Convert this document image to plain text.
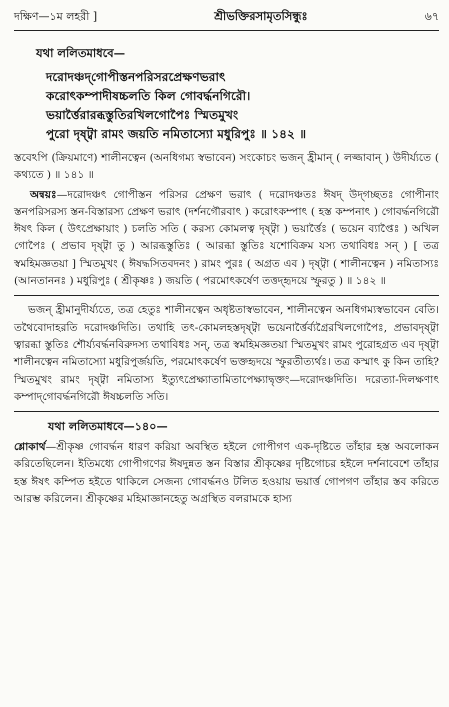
দক্ষিণ—১ম লহরী ]	শ্রীভক্তিরসামৃতসিন্ধুঃ	৬৭
যথা ললিতমাধবে—
দরোদঞ্চদ্‌গোপীস্তনপরিসরপ্রেক্ষণভরাৎ
করোৎকম্পাদীষচ্চলতি কিল গোবর্দ্ধনগিরৌ।
ভয়ার্ত্তৈরারব্ধস্তুতিরখিলগোপৈঃ স্মিতমুখং
পুরো দৃষ্ট্বা রামং জয়তি নমিতাস্যো মধুরিপুঃ ॥ ১৪২ ॥

স্তবেঽপি (ক্রিয়মাণে) শালীনত্বেন (অনধিগম্য স্বভাবেন) সংকোচং ভজন্ হ্রীমান্ ( লজ্জাবান্ ) উদীর্য্যতে ( কথ্যতে ) ॥ ১৪১ ॥

অন্বয়ঃ—দরোদঞ্চৎ গোপীস্তন পরিসর প্রেক্ষণ ভরাৎ ( দরোদঞ্চতঃ ঈষদ্ উদ্‌গচ্ছতঃ গোপীনাং স্তনপরিসরস্য স্তন-বিস্তারস্য প্রেক্ষণ ভরাৎ (দর্শনগৌরবাৎ ) করোৎকম্পাৎ ( হস্ত কম্পনাৎ ) গোবর্দ্ধনগিরৌ ঈষৎ কিল ( উৎপ্রেক্ষায়াং ) চলতি সতি ( করস্য কোমলত্ব দৃষ্ট্বা ) ভয়ার্ত্তৈঃ ( ভয়েন ব্যাপ্তৈঃ ) অখিল গোপৈঃ ( প্রভাব দৃষ্ট্বা তু ) আরব্ধস্তুতিঃ ( আরব্ধা স্তুতিঃ যশোবিক্রম যস্য তথাবিধঃ সন্ ) [ তত্র স্বমহিমজ্ঞতয়া ] স্মিতমুখং ( ঈষদ্ধসিতবদনং ) রামং পুরঃ ( অগ্রত এব ) দৃষ্ট্বা ( শালীনত্বেন ) নমিতাস্যঃ (আনতাননঃ ) মধুরিপুঃ ( শ্রীকৃষ্ণঃ ) জয়তি ( পরমোৎকর্ষেণ তত্তদ্‌হৃদয়ে স্ফুরতু ) ॥ ১৪২ ॥

ভজন্ হ্রীমানুদীর্য্যতে, তত্র হেতুঃ শালীনত্বেন অধৃষ্টতাস্বভাবেন, শালীনত্বেন অনধিগম্যস্বভাবেন বেতি। তথৈবোদাহরতি দরোদঞ্চদিতি। তথাহি তৎ-কোমলহস্তদৃষ্ট্বা ভয়েনার্ত্তৈর্ব্যগ্রৈরখিলগোপৈঃ, প্রভাবদৃষ্ট্বা ত্বারব্ধা স্তুতিঃ শৌর্য্যবর্দ্ধনবিরুদস্য তথাবিধঃ সন্, তত্র স্বমহিমজ্ঞতয়া স্মিতমুখং রামং পুরোহগ্রত এব দৃষ্ট্বা শালীনত্বেন নমিতাস্যো মধুরিপুর্জয়তি, পরমোৎকর্ষেণ ভক্তহৃদয়ে স্ফুরতীত্যর্থঃ। তত্র কস্মাৎ কু কিন তাহি? স্মিতমুখং রামং দৃষ্ট্বা নমিতাস্য ইত্যুৎপ্রেক্ষ্যাতামিতাপেক্ষ্যাদ্বৃক্তং—দরোদঞ্চদিতি। দরেত্যা-দিলক্ষণাৎ কম্পাদ্‌গোবর্দ্ধনগিরৌ ঈষচ্চলতি সতি।

যথা ললিতমাধবে—১৪০—

শ্লোকার্থ—শ্রীকৃষ্ণ গোবর্দ্ধন ধারণ করিয়া অবস্থিত হইলে গোপীগণ এক-দৃষ্টিতে তাঁহার হস্ত অবলোকন করিতেছিলেন। ইতিমধ্যে গোপীগণের ঈষদুন্নত স্তন বিস্তার শ্রীকৃষ্ণের দৃষ্টিগোচর হইলে দর্শনাবেশে তাঁহার হস্ত ঈষৎ কম্পিত হইতে থাকিলে সেজন্য গোবর্দ্ধনও টলিত হওয়ায় ভয়ার্ত্ত গোপগণ তাঁহার স্তব করিতে আরম্ভ করিলেন। শ্রীকৃষ্ণের মহিমাজ্ঞানহেতু অগ্রস্থিত বলরামকে হাস্য
